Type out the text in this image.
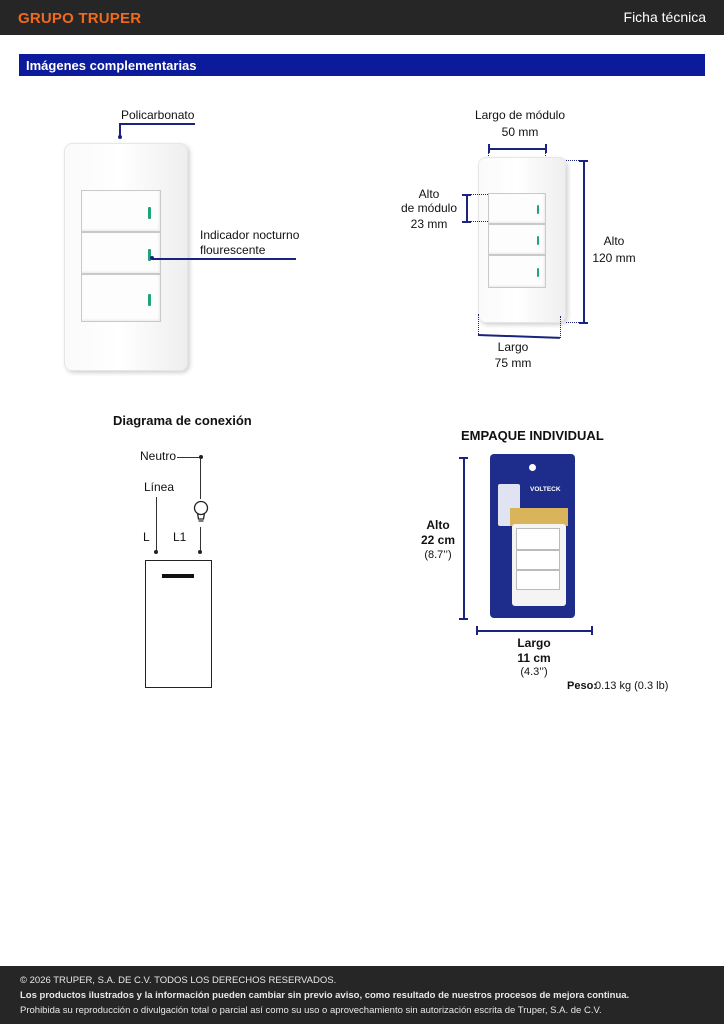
GRUPO TRUPER	Ficha técnica
Imágenes complementarias
Policarbonato
Indicador nocturno
flourescente
Largo de módulo
50 mm
Alto
de módulo
23 mm
Alto
120 mm
Largo
75 mm
Diagrama de conexión
Neutro
Línea
L L1
EMPAQUE INDIVIDUAL
Alto
22 cm
(8.7’’)
VOLTECK
Largo
11 cm
(4.3’’)
Peso:
0.13 kg (0.3 lb)
© 2026 TRUPER, S.A. DE C.V. TODOS LOS DERECHOS RESERVADOS.
Los productos ilustrados y la información pueden cambiar sin previo aviso, como resultado de nuestros procesos de mejora continua.
Prohibida su reproducción o divulgación total o parcial así como su uso o aprovechamiento sin autorización escrita de Truper, S.A. de C.V.
